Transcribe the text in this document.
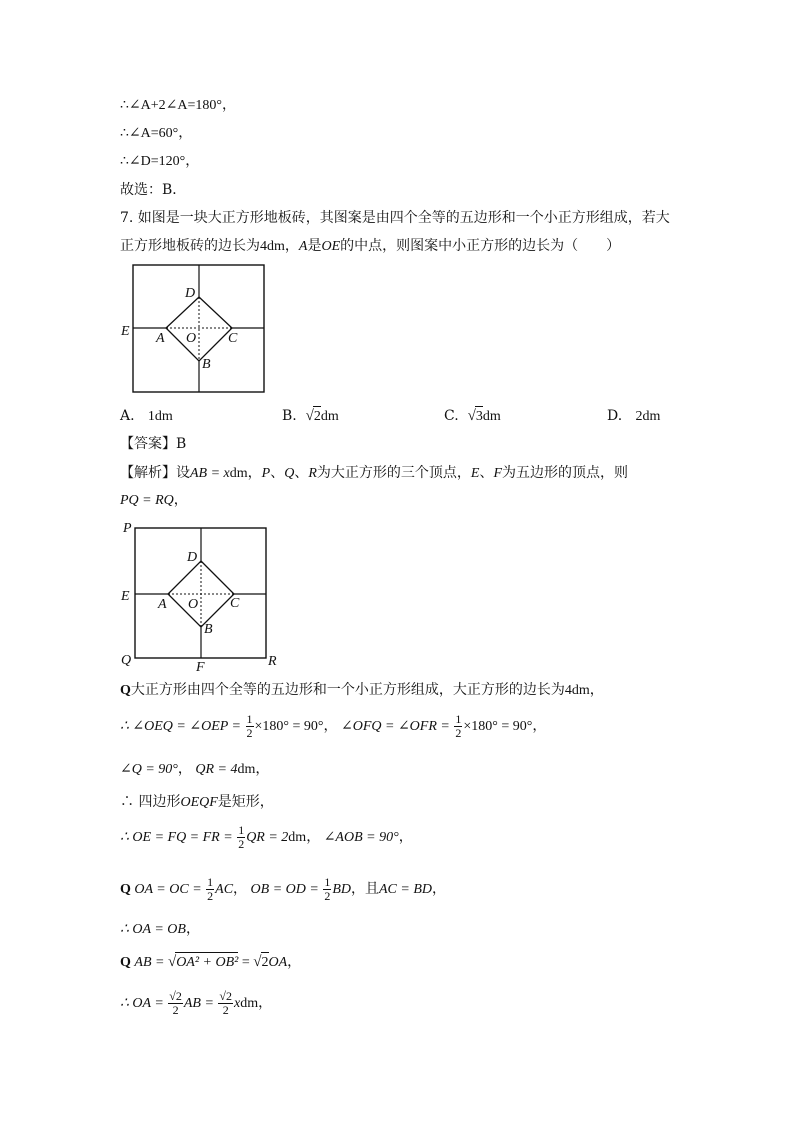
∴∠A+2∠A=180°，
∴∠A=60°，
∴∠D=120°，
故选：B．
7. 如图是一块大正方形地板砖，其图案是由四个全等的五边形和一个小正方形组成，若大
正方形地板砖的边长为4dm，A是OE的中点，则图案中小正方形的边长为（　　）
D
E A O C
B
A. 1dm	B. √2dm	C. √3dm	D. 2dm
【答案】B
【解析】设AB = xdm，P、Q、R为大正方形的三个顶点，E、F为五边形的顶点，则
PQ = RQ，
P
D
E
A O C
B
Q	F	R
Q大正方形由四个全等的五边形和一个小正方形组成，大正方形的边长为4dm，
∴ ∠OEQ = ∠OEP = $\frac{1}{2} \times 180^\circ = 90^\circ$， ∠OFQ = ∠OFR = $\frac{1}{2} \times 180^\circ = 90^\circ$，
∠Q = 90°， QR = 4dm，
∴ 四边形OEQF是矩形，
∴ OE = FQ = FR = $\frac{1}{2}$ QR = 2dm， ∠AOB = 90°，
Q OA = OC = $\frac{1}{2}$ AC， OB = OD = $\frac{1}{2}$ BD，且AC = BD，
∴ OA = OB，
Q AB = √OA² + OB² = √2OA，
∴ OA = $\frac{√2}{2}$ AB = $\frac{√2}{2}$ xdm，
